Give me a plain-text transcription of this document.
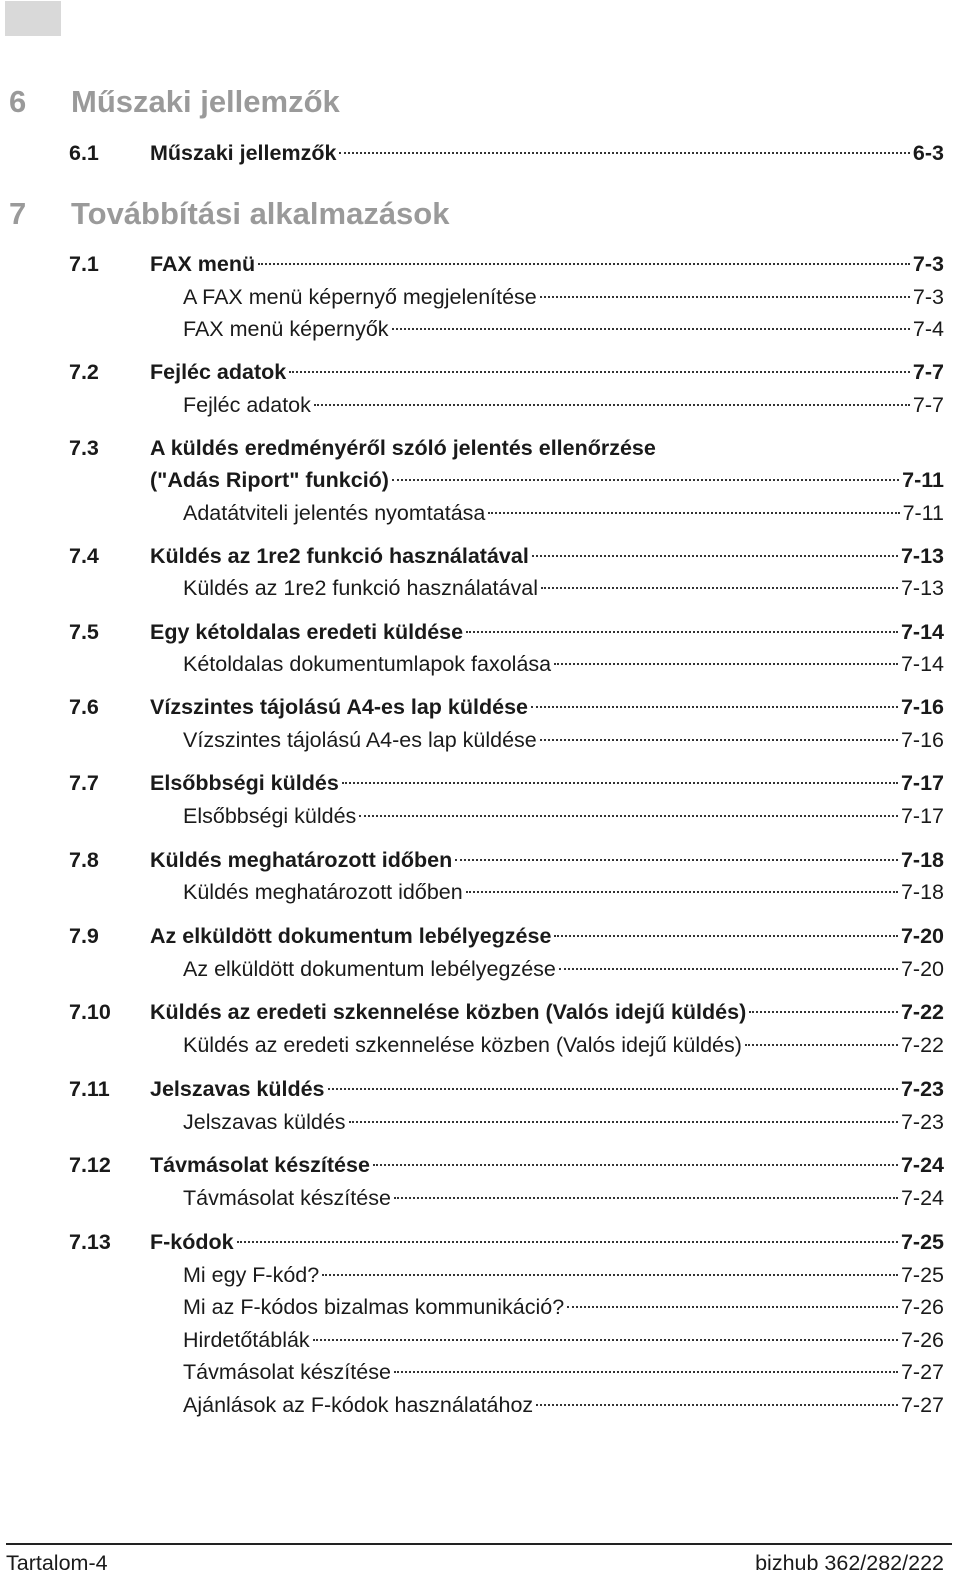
6 Műszaki jellemzők
7 Továbbítási alkalmazások
6.1	Műszaki jellemzők	6-3
7.1	FAX menü	7-3
A FAX menü képernyő megjelenítése	7-3
FAX menü képernyők	7-4
7.2	Fejléc adatok	7-7
Fejléc adatok	7-7
7.3	A küldés eredményéről szóló jelentés ellenőrzése
("Adás Riport" funkció)	7-11
Adatátviteli jelentés nyomtatása	7-11
7.4	Küldés az 1re2 funkció használatával	7-13
Küldés az 1re2 funkció használatával	7-13
7.5	Egy kétoldalas eredeti küldése	7-14
Kétoldalas dokumentumlapok faxolása	7-14
7.6	Vízszintes tájolású A4-es lap küldése	7-16
Vízszintes tájolású A4-es lap küldése	7-16
7.7	Elsőbbségi küldés	7-17
Elsőbbségi küldés	7-17
7.8	Küldés meghatározott időben	7-18
Küldés meghatározott időben	7-18
7.9	Az elküldött dokumentum lebélyegzése	7-20
Az elküldött dokumentum lebélyegzése	7-20
7.10	Küldés az eredeti szkennelése közben (Valós idejű küldés)	7-22
Küldés az eredeti szkennelése közben (Valós idejű küldés)	7-22
7.11	Jelszavas küldés	7-23
Jelszavas küldés	7-23
7.12	Távmásolat készítése	7-24
Távmásolat készítése	7-24
7.13	F-kódok	7-25
Mi egy F-kód?	7-25
Mi az F-kódos bizalmas kommunikáció?	7-26
Hirdetőtáblák	7-26
Távmásolat készítése	7-27
Ajánlások az F-kódok használatához	7-27
Tartalom-4	bizhub 362/282/222
